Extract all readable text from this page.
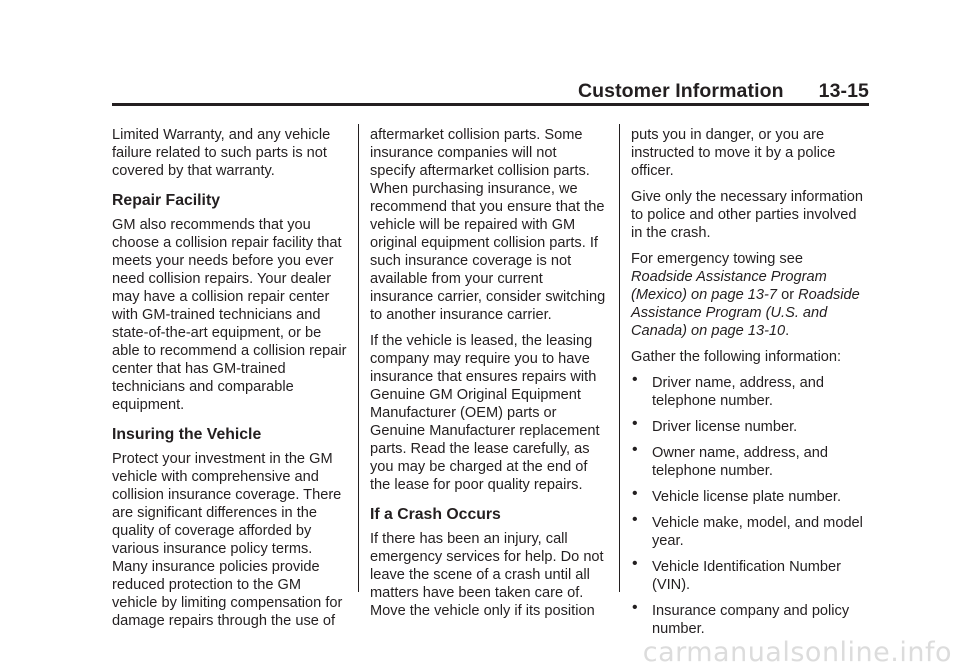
Customer Information 13-15

Limited Warranty, and any vehicle failure related to such parts is not covered by that warranty.

Repair Facility

GM also recommends that you choose a collision repair facility that meets your needs before you ever need collision repairs. Your dealer may have a collision repair center with GM-trained technicians and state-of-the-art equipment, or be able to recommend a collision repair center that has GM-trained technicians and comparable equipment.

Insuring the Vehicle

Protect your investment in the GM vehicle with comprehensive and collision insurance coverage. There are significant differences in the quality of coverage afforded by various insurance policy terms. Many insurance policies provide reduced protection to the GM vehicle by limiting compensation for damage repairs through the use of

aftermarket collision parts. Some insurance companies will not specify aftermarket collision parts. When purchasing insurance, we recommend that you ensure that the vehicle will be repaired with GM original equipment collision parts. If such insurance coverage is not available from your current insurance carrier, consider switching to another insurance carrier.

If the vehicle is leased, the leasing company may require you to have insurance that ensures repairs with Genuine GM Original Equipment Manufacturer (OEM) parts or Genuine Manufacturer replacement parts. Read the lease carefully, as you may be charged at the end of the lease for poor quality repairs.

If a Crash Occurs

If there has been an injury, call emergency services for help. Do not leave the scene of a crash until all matters have been taken care of. Move the vehicle only if its position

puts you in danger, or you are instructed to move it by a police officer.

Give only the necessary information to police and other parties involved in the crash.

For emergency towing see Roadside Assistance Program (Mexico) on page 13-7 or Roadside Assistance Program (U.S. and Canada) on page 13-10.

Gather the following information:

• Driver name, address, and telephone number.
• Driver license number.
• Owner name, address, and telephone number.
• Vehicle license plate number.
• Vehicle make, model, and model year.
• Vehicle Identification Number (VIN).
• Insurance company and policy number.
carmanualsonline.info
